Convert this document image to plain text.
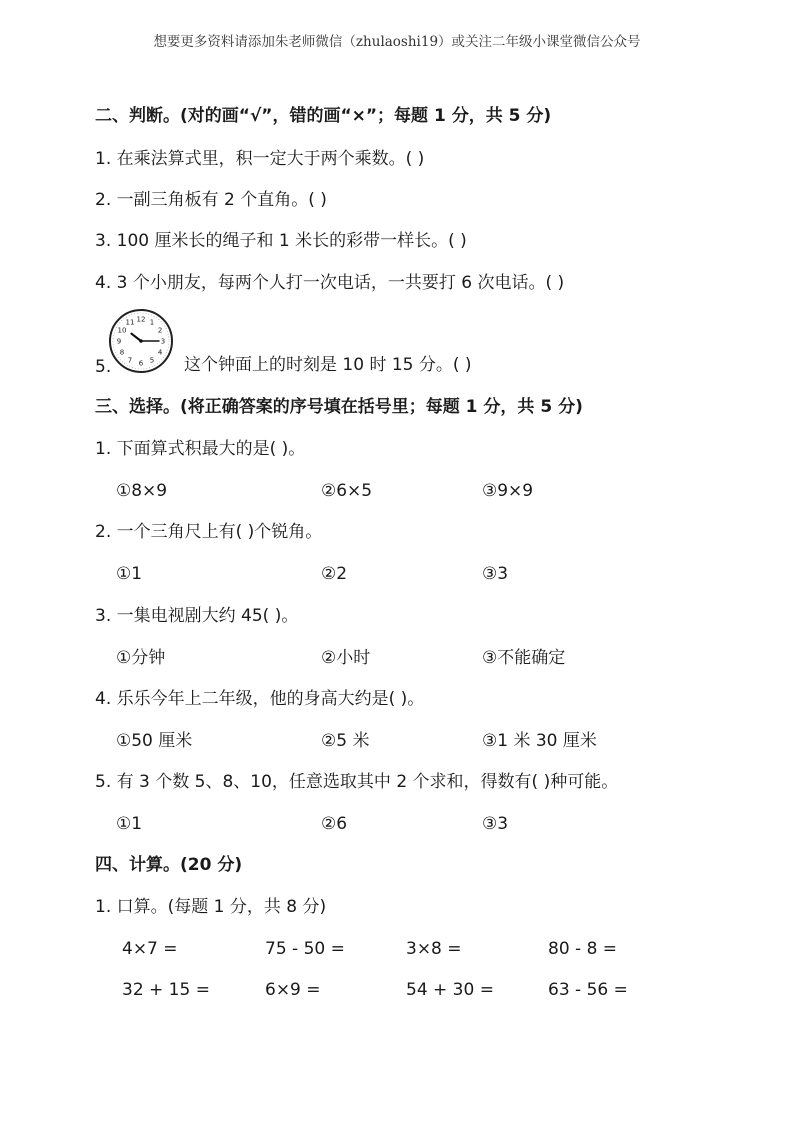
想要更多资料请添加朱老师微信（zhulaoshi19）或关注二年级小课堂微信公众号
二、判断。(对的画“√”，错的画“×”；每题 1 分，共 5 分)
1. 在乘法算式里，积一定大于两个乘数。( )
2. 一副三角板有 2 个直角。( )
3. 100 厘米长的绳子和 1 米长的彩带一样长。( )
4. 3 个小朋友，每两个人打一次电话，一共要打 6 次电话。( )
5.
12 1
2
3
4
5
6
7
8
9
10
11
这个钟面上的时刻是 10 时 15 分。( )
三、选择。(将正确答案的序号填在括号里；每题 1 分，共 5 分)
1. 下面算式积最大的是( )。
①8×9	②6×5	③9×9
2. 一个三角尺上有( )个锐角。
①1	②2	③3
3. 一集电视剧大约 45( )。
①分钟	②小时	③不能确定
4. 乐乐今年上二年级，他的身高大约是( )。
①50 厘米	②5 米	③1 米 30 厘米
5. 有 3 个数 5、8、10，任意选取其中 2 个求和，得数有( )种可能。
①1	②6	③3
四、计算。(20 分)
1. 口算。(每题 1 分，共 8 分)
4×7 =	75 - 50 =	3×8 =	80 - 8 =
32 + 15 =	6×9 =	54 + 30 =	63 - 56 =
